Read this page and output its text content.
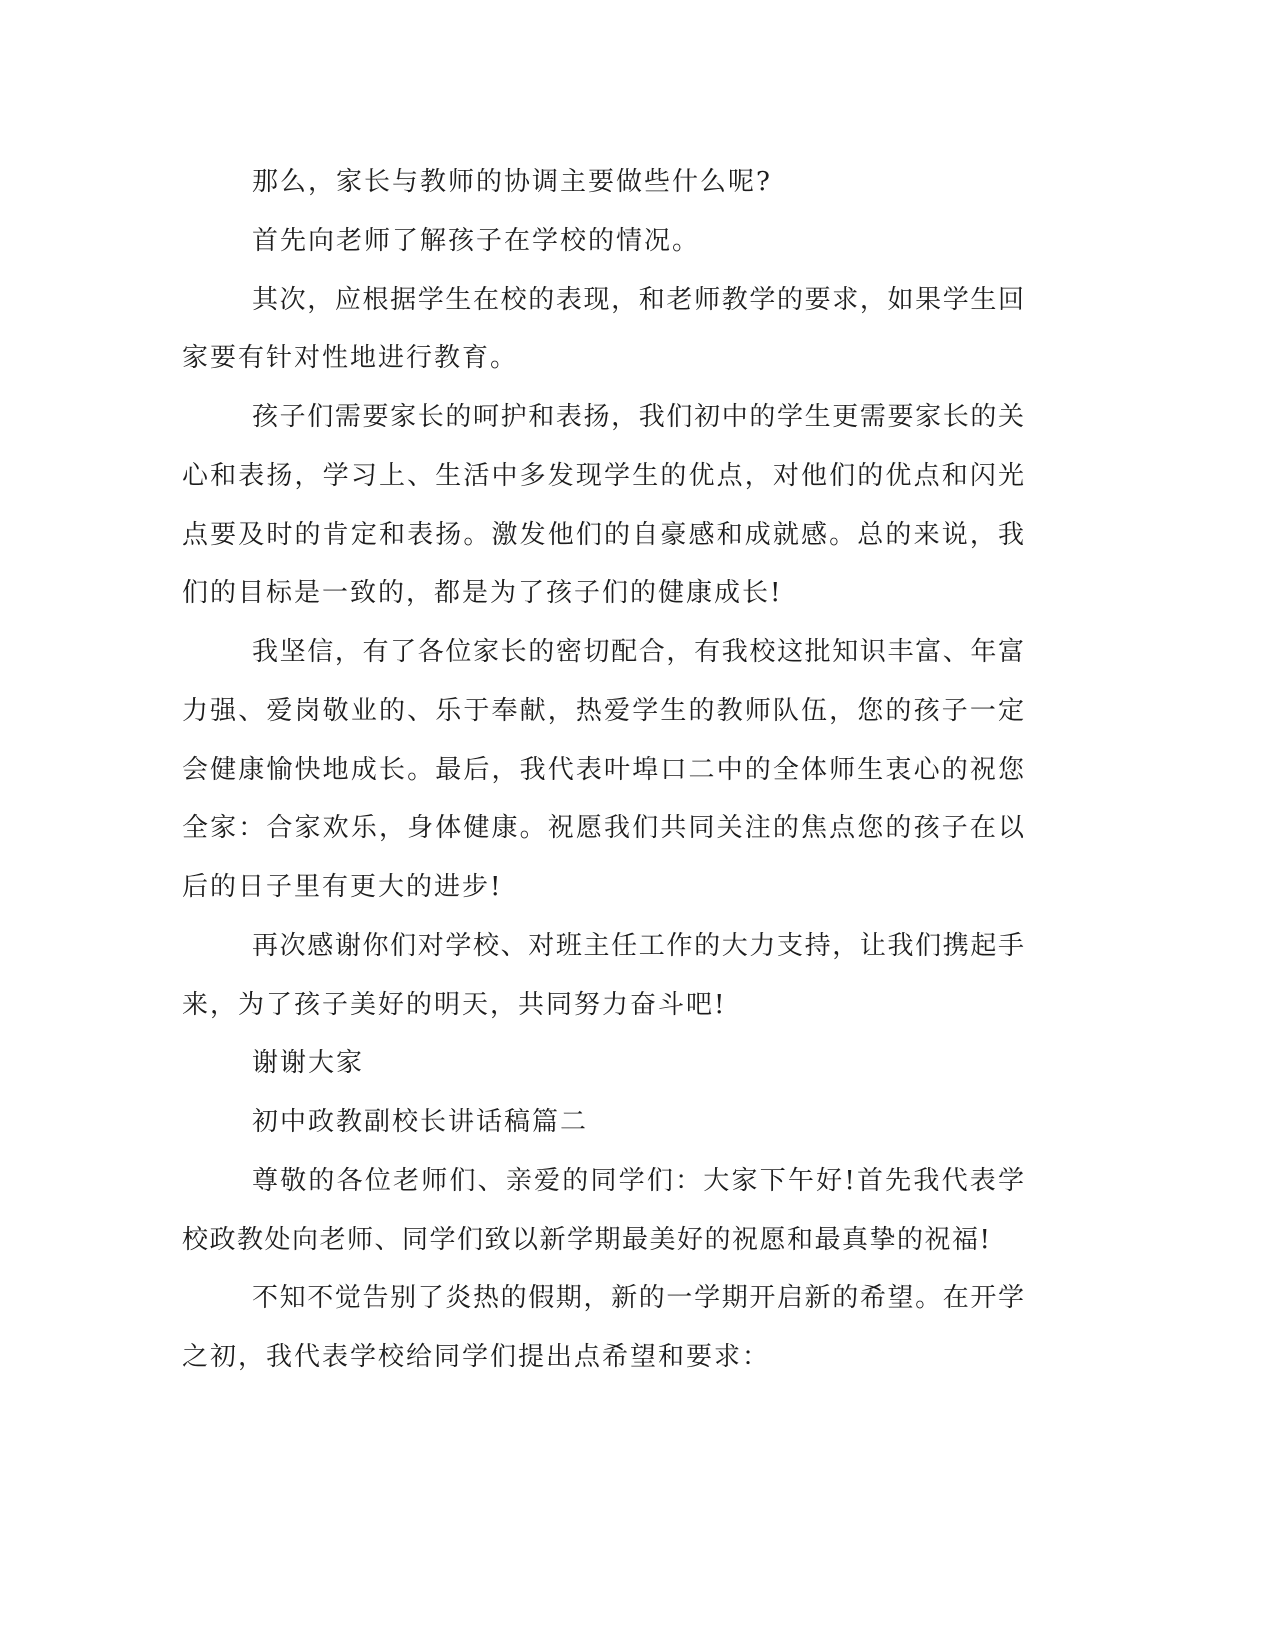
那么，家长与教师的协调主要做些什么呢?
首先向老师了解孩子在学校的情况。
其次，应根据学生在校的表现，和老师教学的要求，如果学生回
家要有针对性地进行教育。
孩子们需要家长的呵护和表扬，我们初中的学生更需要家长的关
心和表扬，学习上、生活中多发现学生的优点，对他们的优点和闪光
点要及时的肯定和表扬。激发他们的自豪感和成就感。总的来说，我
们的目标是一致的，都是为了孩子们的健康成长!
我坚信，有了各位家长的密切配合，有我校这批知识丰富、年富
力强、爱岗敬业的、乐于奉献，热爱学生的教师队伍，您的孩子一定
会健康愉快地成长。最后，我代表叶埠口二中的全体师生衷心的祝您
全家：合家欢乐，身体健康。祝愿我们共同关注的焦点您的孩子在以
后的日子里有更大的进步!
再次感谢你们对学校、对班主任工作的大力支持，让我们携起手
来，为了孩子美好的明天，共同努力奋斗吧!
谢谢大家
初中政教副校长讲话稿篇二
尊敬的各位老师们、亲爱的同学们：大家下午好!首先我代表学
校政教处向老师、同学们致以新学期最美好的祝愿和最真挚的祝福!
不知不觉告别了炎热的假期，新的一学期开启新的希望。在开学
之初，我代表学校给同学们提出点希望和要求：
